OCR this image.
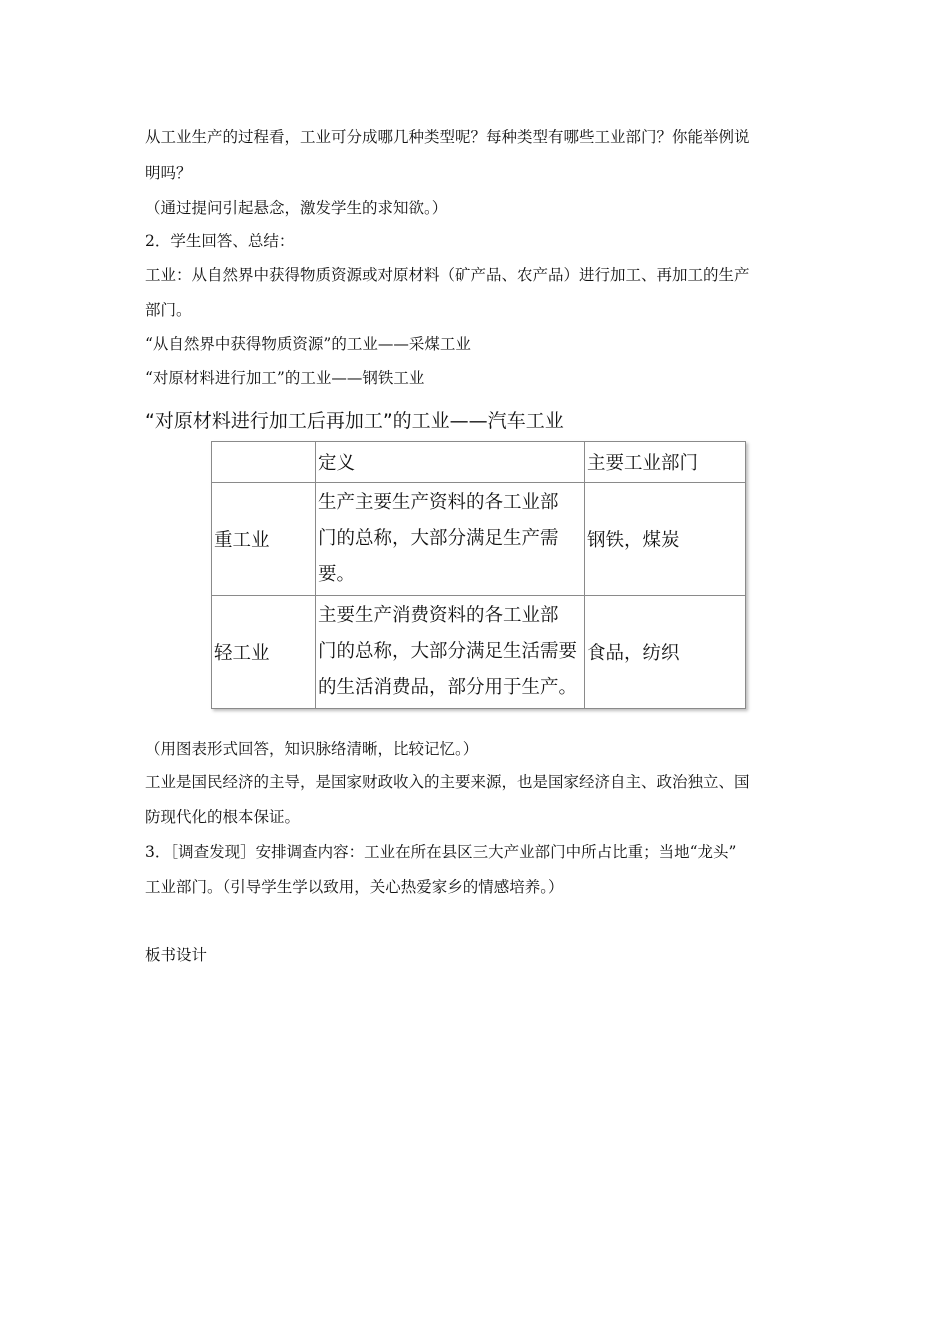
从工业生产的过程看，工业可分成哪几种类型呢？每种类型有哪些工业部门？你能举例说
明吗？
（通过提问引起悬念，激发学生的求知欲。）
2．学生回答、总结：
工业：从自然界中获得物质资源或对原材料（矿产品、农产品）进行加工、再加工的生产
部门。
“从自然界中获得物质资源”的工业——采煤工业
“对原材料进行加工”的工业——钢铁工业
“对原材料进行加工后再加工”的工业——汽车工业
	定义	主要工业部门
重工业	生产主要生产资料的各工业部
门的总称，大部分满足生产需
要。	钢铁，煤炭
轻工业	主要生产消费资料的各工业部
门的总称，大部分满足生活需要
的生活消费品，部分用于生产。	食品，纺织
（用图表形式回答，知识脉络清晰，比较记忆。）
工业是国民经济的主导，是国家财政收入的主要来源，也是国家经济自主、政治独立、国
防现代化的根本保证。
3．［调查发现］安排调查内容：工业在所在县区三大产业部门中所占比重；当地“龙头”
工业部门。（引导学生学以致用，关心热爱家乡的情感培养。）
板书设计
